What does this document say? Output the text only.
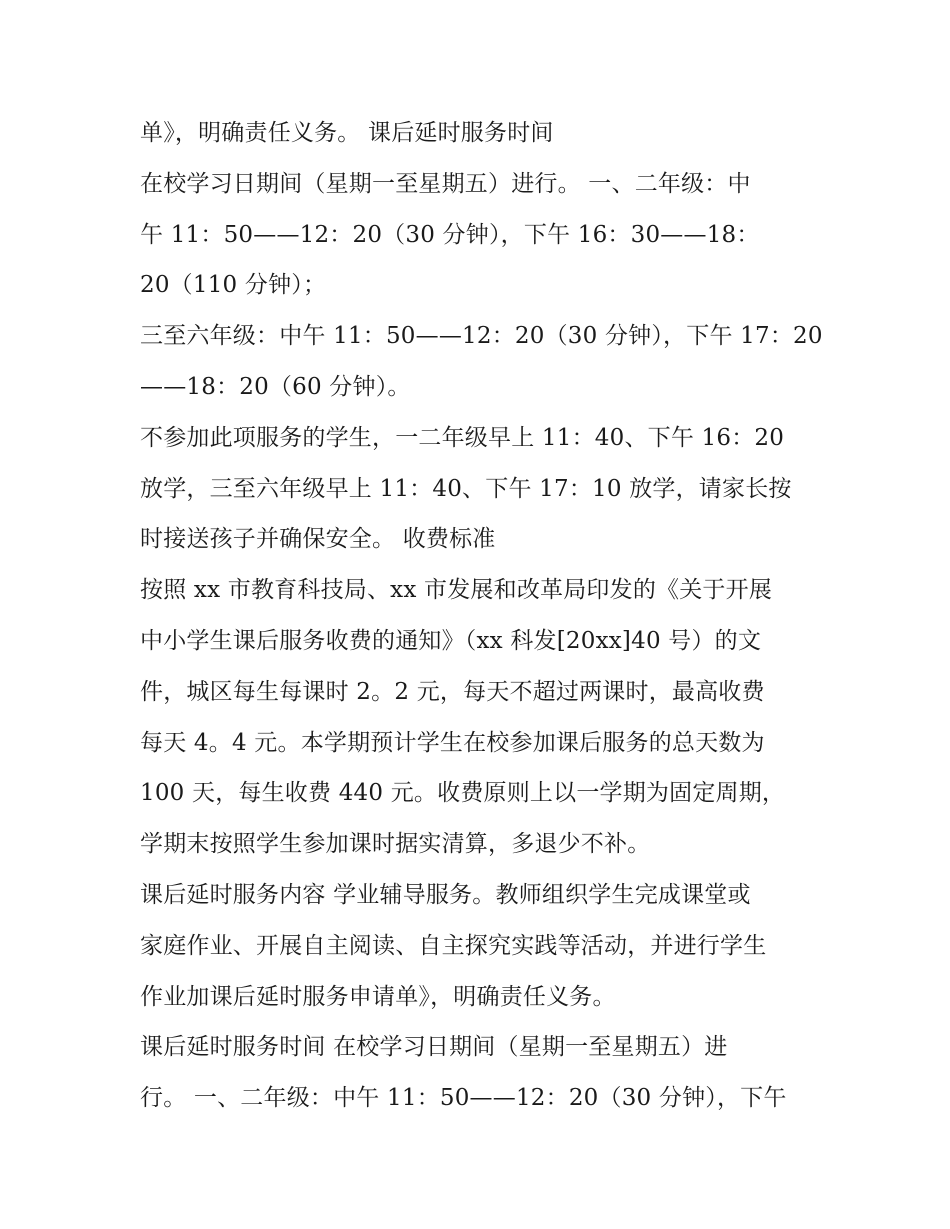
单》，明确责任义务。 课后延时服务时间
在校学习日期间（星期一至星期五）进行。 一、二年级：中
午 11：50——12：20（30 分钟），下午 16：30——18：
20（110 分钟）；
三至六年级：中午 11：50——12：20（30 分钟），下午 17：20
——18：20（60 分钟）。
不参加此项服务的学生，一二年级早上 11：40、下午 16：20
放学，三至六年级早上 11：40、下午 17：10 放学，请家长按
时接送孩子并确保安全。 收费标准
按照 xx 市教育科技局、xx 市发展和改革局印发的《关于开展
中小学生课后服务收费的通知》（xx 科发[20xx]40 号）的文
件，城区每生每课时 2。2 元，每天不超过两课时，最高收费
每天 4。4 元。本学期预计学生在校参加课后服务的总天数为
100 天，每生收费 440 元。收费原则上以一学期为固定周期，
学期末按照学生参加课时据实清算，多退少不补。
课后延时服务内容 学业辅导服务。教师组织学生完成课堂或
家庭作业、开展自主阅读、自主探究实践等活动，并进行学生
作业加课后延时服务申请单》，明确责任义务。
课后延时服务时间 在校学习日期间（星期一至星期五）进
行。 一、二年级：中午 11：50——12：20（30 分钟），下午
